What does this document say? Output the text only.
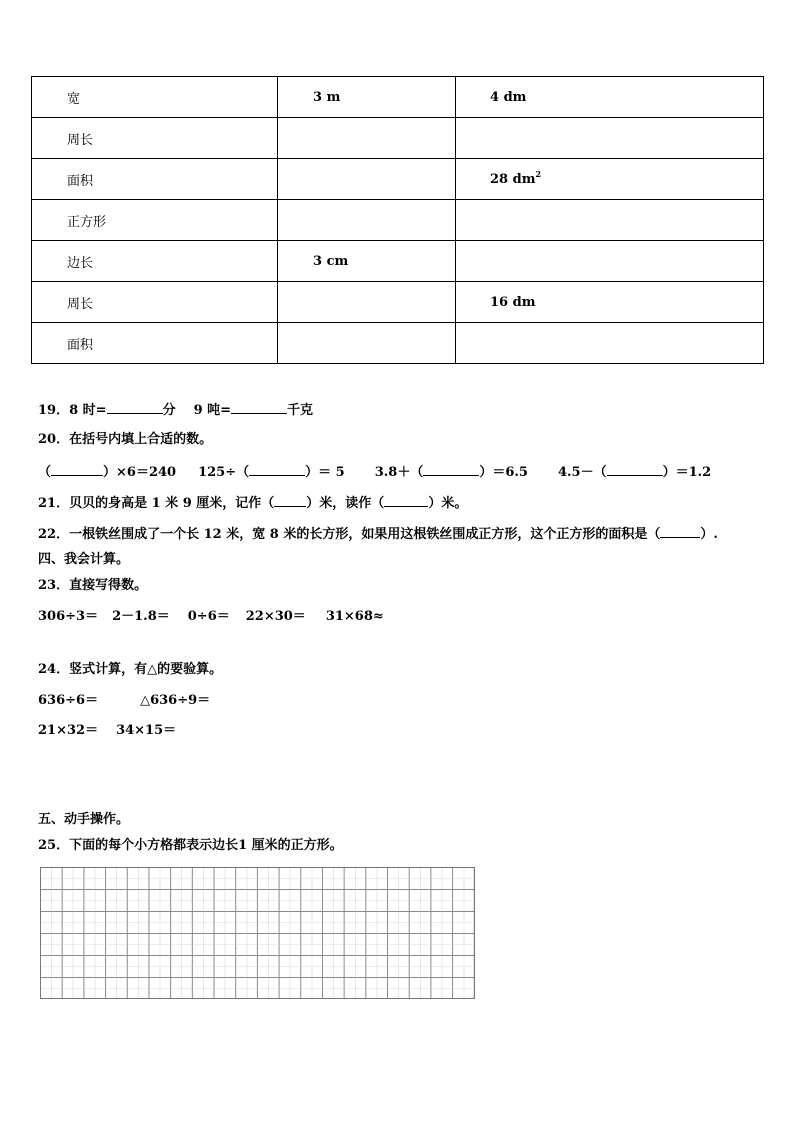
宽	3 m	4 dm
周长		
面积		28 $dm^2$
正方形		
边长	3 cm	
周长		16 dm
面积		
19．8 时=	分 9 吨=	千克
20．在括号内填上合适的数。
（	）×6＝240 125÷（	）＝ 5 3.8＋（	）＝6.5 4.5－（	）＝1.2
21．贝贝的身高是 1 米 9 厘米，记作（ ）米，读作（	）米。
22．一根铁丝围成了一个长 12 米，宽 8 米的长方形，如果用这根铁丝围成正方形，这个正方形的面积是（	）.
四、我会计算。
23．直接写得数。
306÷3＝ 2－1.8＝ 0÷6＝ 22×30＝ 31×68≈
24．竖式计算，有△的要验算。
636÷6＝	△636÷9＝
21×32＝ 34×15＝
五、动手操作。
25．下面的每个小方格都表示边长1 厘米的正方形。
